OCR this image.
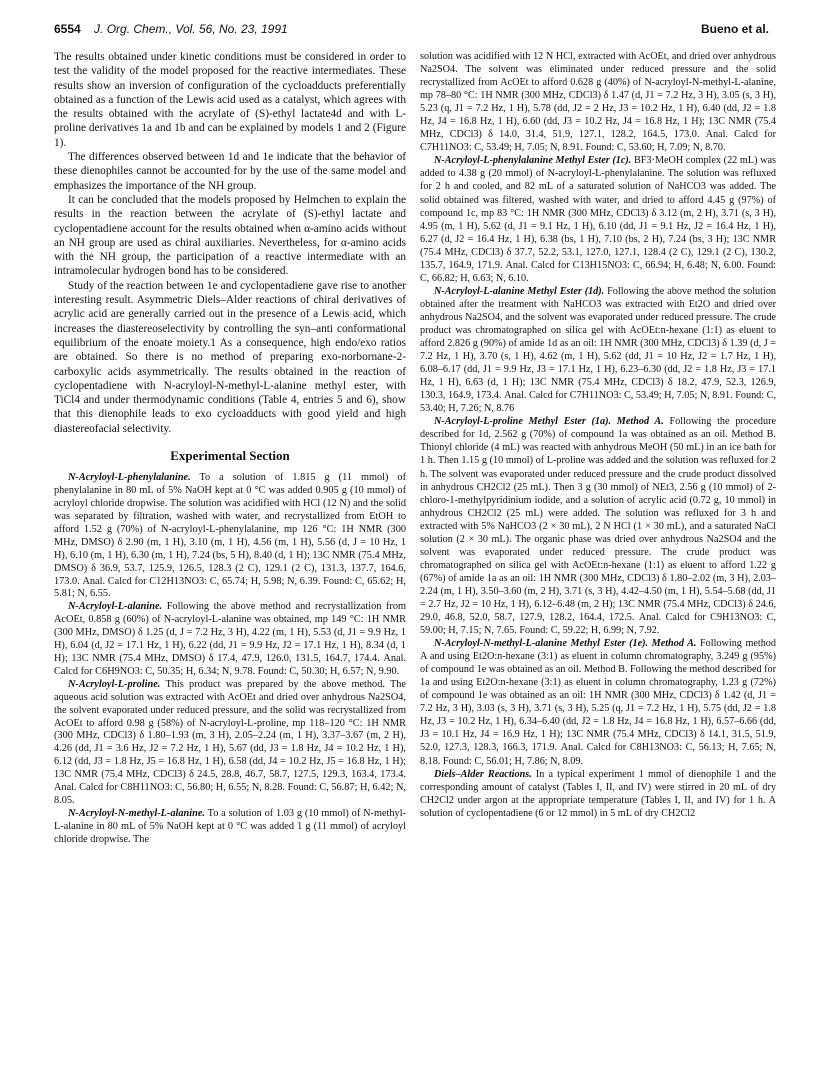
6554 J. Org. Chem., Vol. 56, No. 23, 1991	Bueno et al.

The results obtained under kinetic conditions must be considered in order to test the validity of the model proposed for the reactive intermediates. These results show an inversion of configuration of the cycloadducts preferentially obtained as a function of the Lewis acid used as a catalyst, which agrees with the results obtained with the acrylate of (S)-ethyl lactate4d and with L-proline derivatives 1a and 1b and can be explained by models 1 and 2 (Figure 1).

The differences observed between 1d and 1e indicate that the behavior of these dienophiles cannot be accounted for by the use of the same model and emphasizes the importance of the NH group.

It can be concluded that the models proposed by Helmchen to explain the results in the reaction between the acrylate of (S)-ethyl lactate and cyclopentadiene account for the results obtained when α-amino acids without an NH group are used as chiral auxiliaries. Nevertheless, for α-amino acids with the NH group, the participation of a reactive intermediate with an intramolecular hydrogen bond has to be considered.

Study of the reaction between 1e and cyclopentadiene gave rise to another interesting result. Asymmetric Diels–Alder reactions of chiral derivatives of acrylic acid are generally carried out in the presence of a Lewis acid, which increases the diastereoselectivity by controlling the syn–anti conformational equilibrium of the enoate moiety.1 As a consequence, high endo/exo ratios are obtained. So there is no method of preparing exo-norbornane-2-carboxylic acids asymmetrically. The results obtained in the reaction of cyclopentadiene with N-acryloyl-N-methyl-L-alanine methyl ester, with TiCl4 and under thermodynamic conditions (Table 4, entries 5 and 6), show that this dienophile leads to exo cycloadducts with good yield and high diastereofacial selectivity.

Experimental Section

N-Acryloyl-L-phenylalanine. To a solution of 1.815 g (11 mmol) of phenylalanine in 80 mL of 5% NaOH kept at 0 °C was added 0.905 g (10 mmol) of acryloyl chloride dropwise. The solution was acidified with HCl (12 N) and the solid was separated by filtration, washed with water, and recrystallized from EtOH to afford 1.52 g (70%) of N-acryloyl-L-phenylalanine, mp 126 °C: 1H NMR (300 MHz, DMSO) δ 2.90 (m, 1 H), 3.10 (m, 1 H), 4.56 (m, 1 H), 5.56 (d, J = 10 Hz, 1 H), 6.10 (m, 1 H), 6.30 (m, 1 H), 7.24 (bs, 5 H), 8.40 (d, 1 H); 13C NMR (75.4 MHz, DMSO) δ 36.9, 53.7, 125.9, 126.5, 128.3 (2 C), 129.1 (2 C), 131.3, 137.7, 164.6, 173.0. Anal. Calcd for C12H13NO3: C, 65.74; H, 5.98; N, 6.39. Found: C, 65.62; H, 5.81; N, 6.55.

N-Acryloyl-L-alanine. Following the above method and recrystallization from AcOEt, 0.858 g (60%) of N-acryloyl-L-alanine was obtained, mp 149 °C: 1H NMR (300 MHz, DMSO) δ 1.25 (d, J = 7.2 Hz, 3 H), 4.22 (m, 1 H), 5.53 (d, J1 = 9.9 Hz, 1 H), 6.04 (d, J2 = 17.1 Hz, 1 H), 6.22 (dd, J1 = 9.9 Hz, J2 = 17.1 Hz, 1 H), 8.34 (d, 1 H); 13C NMR (75.4 MHz, DMSO) δ 17.4, 47.9, 126.0, 131.5, 164.7, 174.4. Anal. Calcd for C6H9NO3: C, 50.35; H, 6.34; N, 9.78. Found: C, 50.30; H, 6.57; N, 9.90.

N-Acryloyl-L-proline. This product was prepared by the above method. The aqueous acid solution was extracted with AcOEt and dried over anhydrous Na2SO4, the solvent evaporated under reduced pressure, and the solid was recrystallized from AcOEt to afford 0.98 g (58%) of N-acryloyl-L-proline, mp 118–120 °C: 1H NMR (300 MHz, CDCl3) δ 1.80–1.93 (m, 3 H), 2.05–2.24 (m, 1 H), 3.37–3.67 (m, 2 H), 4.26 (dd, J1 = 3.6 Hz, J2 = 7.2 Hz, 1 H), 5.67 (dd, J3 = 1.8 Hz, J4 = 10.2 Hz, 1 H), 6.12 (dd, J3 = 1.8 Hz, J5 = 16.8 Hz, 1 H), 6.58 (dd, J4 = 10.2 Hz, J5 = 16.8 Hz, 1 H); 13C NMR (75.4 MHz, CDCl3) δ 24.5, 28.8, 46.7, 58.7, 127.5, 129.3, 163.4, 173.4. Anal. Calcd for C8H11NO3: C, 56.80; H, 6.55; N, 8.28. Found: C, 56.87; H, 6.42; N, 8.05.

N-Acryloyl-N-methyl-L-alanine. To a solution of 1.03 g (10 mmol) of N-methyl-L-alanine in 80 mL of 5% NaOH kept at 0 °C was added 1 g (11 mmol) of acryloyl chloride dropwise. The

solution was acidified with 12 N HCl, extracted with AcOEt, and dried over anhydrous Na2SO4. The solvent was eliminated under reduced pressure and the solid recrystallized from AcOEt to afford 0.628 g (40%) of N-acryloyl-N-methyl-L-alanine, mp 78–80 °C: 1H NMR (300 MHz, CDCl3) δ 1.47 (d, J1 = 7.2 Hz, 3 H), 3.05 (s, 3 H), 5.23 (q, J1 = 7.2 Hz, 1 H), 5.78 (dd, J2 = 2 Hz, J3 = 10.2 Hz, 1 H), 6.40 (dd, J2 = 1.8 Hz, J4 = 16.8 Hz, 1 H), 6.60 (dd, J3 = 10.2 Hz, J4 = 16.8 Hz, 1 H); 13C NMR (75.4 MHz, CDCl3) δ 14.0, 31.4, 51.9, 127.1, 128.2, 164.5, 173.0. Anal. Calcd for C7H11NO3: C, 53.49; H, 7.05; N, 8.91. Found: C, 53.60; H, 7.09; N, 8.70.

N-Acryloyl-L-phenylalanine Methyl Ester (1c). BF3·MeOH complex (22 mL) was added to 4.38 g (20 mmol) of N-acryloyl-L-phenylalanine. The solution was refluxed for 2 h and cooled, and 82 mL of a saturated solution of NaHCO3 was added. The solid obtained was filtered, washed with water, and dried to afford 4.45 g (97%) of compound 1c, mp 83 °C: 1H NMR (300 MHz, CDCl3) δ 3.12 (m, 2 H), 3.71 (s, 3 H), 4.95 (m, 1 H), 5.62 (d, J1 = 9.1 Hz, 1 H), 6.10 (dd, J1 = 9.1 Hz, J2 = 16.4 Hz, 1 H), 6.27 (d, J2 = 16.4 Hz, 1 H), 6.38 (bs, 1 H), 7.10 (bs, 2 H), 7.24 (bs, 3 H); 13C NMR (75.4 MHz, CDCl3) δ 37.7, 52.2, 53.1, 127.0, 127.1, 128.4 (2 C), 129.1 (2 C), 130.2, 135.7, 164.9, 171.9. Anal. Calcd for C13H15NO3: C, 66.94; H, 6.48; N, 6.00. Found: C, 66.82; H, 6.63; N, 6.10.

N-Acryloyl-L-alanine Methyl Ester (1d). Following the above method the solution obtained after the treatment with NaHCO3 was extracted with Et2O and dried over anhydrous Na2SO4, and the solvent was evaporated under reduced pressure. The crude product was chromatographed on silica gel with AcOEt:n-hexane (1:1) as eluent to afford 2.826 g (90%) of amide 1d as an oil: 1H NMR (300 MHz, CDCl3) δ 1.39 (d, J = 7.2 Hz, 1 H), 3.70 (s, 1 H), 4.62 (m, 1 H), 5.62 (dd, J1 = 10 Hz, J2 = 1.7 Hz, 1 H), 6.08–6.17 (dd, J1 = 9.9 Hz, J3 = 17.1 Hz, 1 H), 6.23–6.30 (dd, J2 = 1.8 Hz, J3 = 17.1 Hz, 1 H), 6.63 (d, 1 H); 13C NMR (75.4 MHz, CDCl3) δ 18.2, 47.9, 52.3, 126.9, 130.3, 164.9, 173.4. Anal. Calcd for C7H11NO3: C, 53.49; H, 7.05; N, 8.91. Found: C, 53.40; H, 7.26; N, 8.76

N-Acryloyl-L-proline Methyl Ester (1a). Method A. Following the procedure described for 1d, 2.562 g (70%) of compound 1a was obtained as an oil. Method B. Thionyl chloride (4 mL) was reacted with anhydrous MeOH (50 mL) in an ice bath for 1 h. Then 1.15 g (10 mmol) of L-proline was added and the solution was refluxed for 2 h. The solvent was evaporated under reduced pressure and the crude product dissolved in anhydrous CH2Cl2 (25 mL). Then 3 g (30 mmol) of NEt3, 2.56 g (10 mmol) of 2-chloro-1-methylpyridinium iodide, and a solution of acrylic acid (0.72 g, 10 mmol) in anhydrous CH2Cl2 (25 mL) were added. The solution was refluxed for 3 h and extracted with 5% NaHCO3 (2 × 30 mL), 2 N HCl (1 × 30 mL), and a saturated NaCl solution (2 × 30 mL). The organic phase was dried over anhydrous Na2SO4 and the solvent was evaporated under reduced pressure. The crude product was chromatographed on silica gel with AcOEt:n-hexane (1:1) as eluent to afford 1.22 g (67%) of amide 1a as an oil: 1H NMR (300 MHz, CDCl3) δ 1.80–2.02 (m, 3 H), 2.03–2.24 (m, 1 H), 3.50–3.60 (m, 2 H), 3.71 (s, 3 H), 4.42–4.50 (m, 1 H), 5.54–5.68 (dd, J1 = 2.7 Hz, J2 = 10 Hz, 1 H), 6.12–6.48 (m, 2 H); 13C NMR (75.4 MHz, CDCl3) δ 24.6, 29.0, 46.8, 52.0, 58.7, 127.9, 128.2, 164.4, 172.5. Anal. Calcd for C9H13NO3: C, 59.00; H, 7.15; N, 7.65. Found: C, 59.22; H, 6.99; N, 7.92.

N-Acryloyl-N-methyl-L-alanine Methyl Ester (1e). Method A. Following method A and using Et2O:n-hexane (3:1) as eluent in column chromatography, 3.249 g (95%) of compound 1e was obtained as an oil. Method B. Following the method described for 1a and using Et2O:n-hexane (3:1) as eluent in column chromatography, 1.23 g (72%) of compound 1e was obtained as an oil: 1H NMR (300 MHz, CDCl3) δ 1.42 (d, J1 = 7.2 Hz, 3 H), 3.03 (s, 3 H), 3.71 (s, 3 H), 5.25 (q, J1 = 7.2 Hz, 1 H), 5.75 (dd, J2 = 1.8 Hz, J3 = 10.2 Hz, 1 H), 6.34–6.40 (dd, J2 = 1.8 Hz, J4 = 16.8 Hz, 1 H), 6.57–6.66 (dd, J3 = 10.1 Hz, J4 = 16.9 Hz, 1 H); 13C NMR (75.4 MHz, CDCl3) δ 14.1, 31.5, 51.9, 52.0, 127.3, 128.3, 166.3, 171.9. Anal. Calcd for C8H13NO3: C, 56.13; H, 7.65; N, 8.18. Found: C, 56.01; H, 7.86; N, 8.09.

Diels–Alder Reactions. In a typical experiment 1 mmol of dienophile 1 and the corresponding amount of catalyst (Tables I, II, and IV) were stirred in 20 mL of dry CH2Cl2 under argon at the appropriate temperature (Tables I, II, and IV) for 1 h. A solution of cyclopentadiene (6 or 12 mmol) in 5 mL of dry CH2Cl2
